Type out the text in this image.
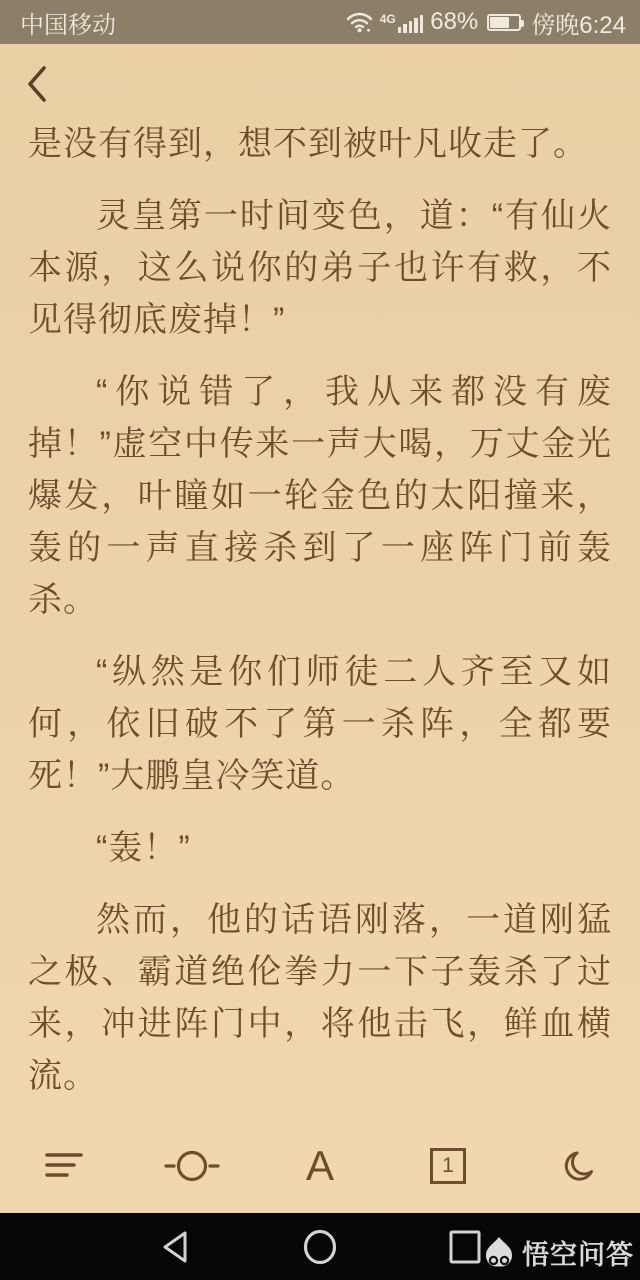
中国移动	4G 68% 傍晚6:24

是没有得到，想不到被叶凡收走了。

灵皇第一时间变色，道：“有仙火本源，这么说你的弟子也许有救，不见得彻底废掉！”

“你说错了，我从来都没有废掉！”虚空中传来一声大喝，万丈金光爆发，叶瞳如一轮金色的太阳撞来，轰的一声直接杀到了一座阵门前轰杀。

“纵然是你们师徒二人齐至又如何，依旧破不了第一杀阵，全都要死！”大鹏皇冷笑道。

“轰！”

然而，他的话语刚落，一道刚猛之极、霸道绝伦拳力一下子轰杀了过来，冲进阵门中，将他击飞，鲜血横流。

A	1
悟空问答
